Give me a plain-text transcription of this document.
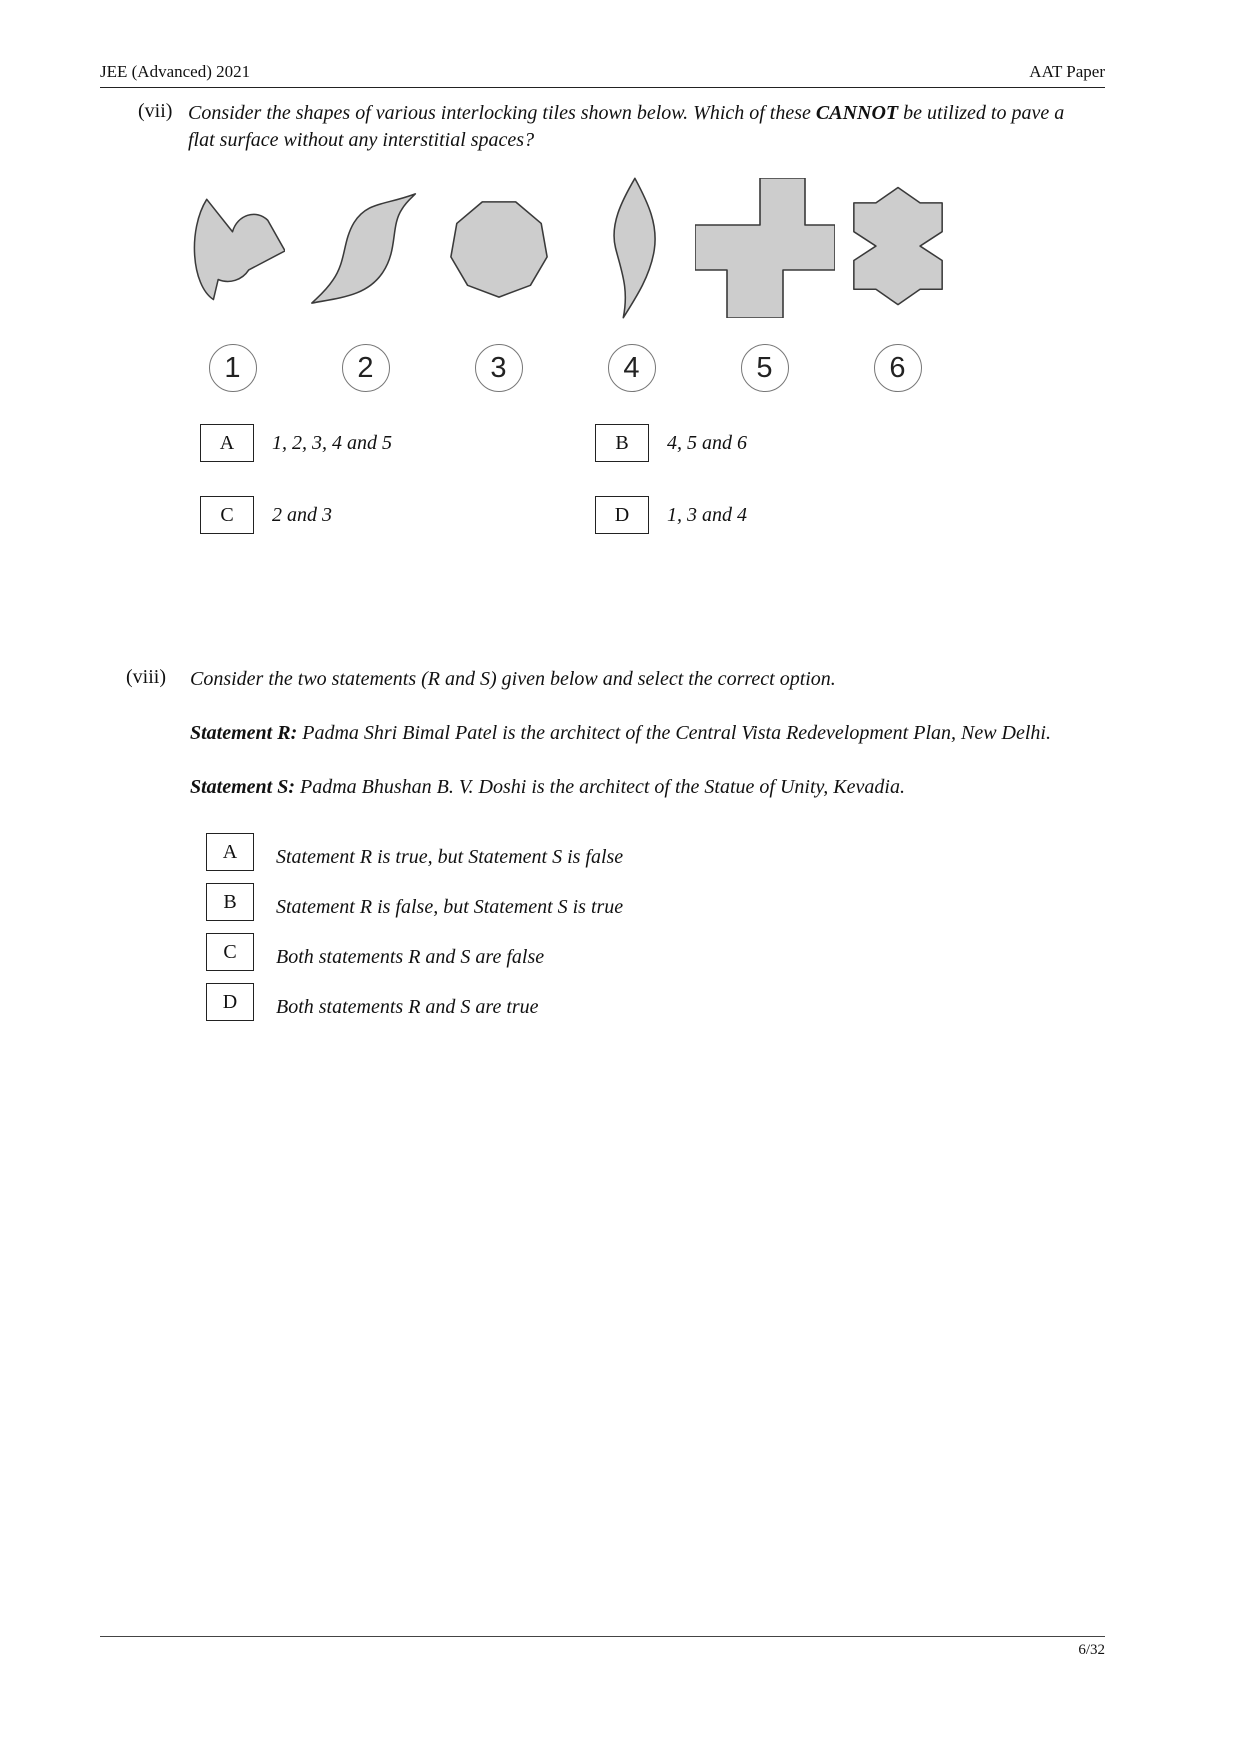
JEE (Advanced) 2021	AAT Paper
(vii) Consider the shapes of various interlocking tiles shown below. Which of these CANNOT be utilized to pave a flat surface without any interstitial spaces?
1	2	3	4	5	6
A	1, 2, 3, 4 and 5	B	4, 5 and 6
C	2 and 3	D	1, 3 and 4
(viii)	Consider the two statements (R and S) given below and select the correct option.
Statement R: Padma Shri Bimal Patel is the architect of the Central Vista Redevelopment Plan, New Delhi.
Statement S: Padma Bhushan B. V. Doshi is the architect of the Statue of Unity, Kevadia.
A	Statement R is true, but Statement S is false
B	Statement R is false, but Statement S is true
C	Both statements R and S are false
D	Both statements R and S are true
6/32
